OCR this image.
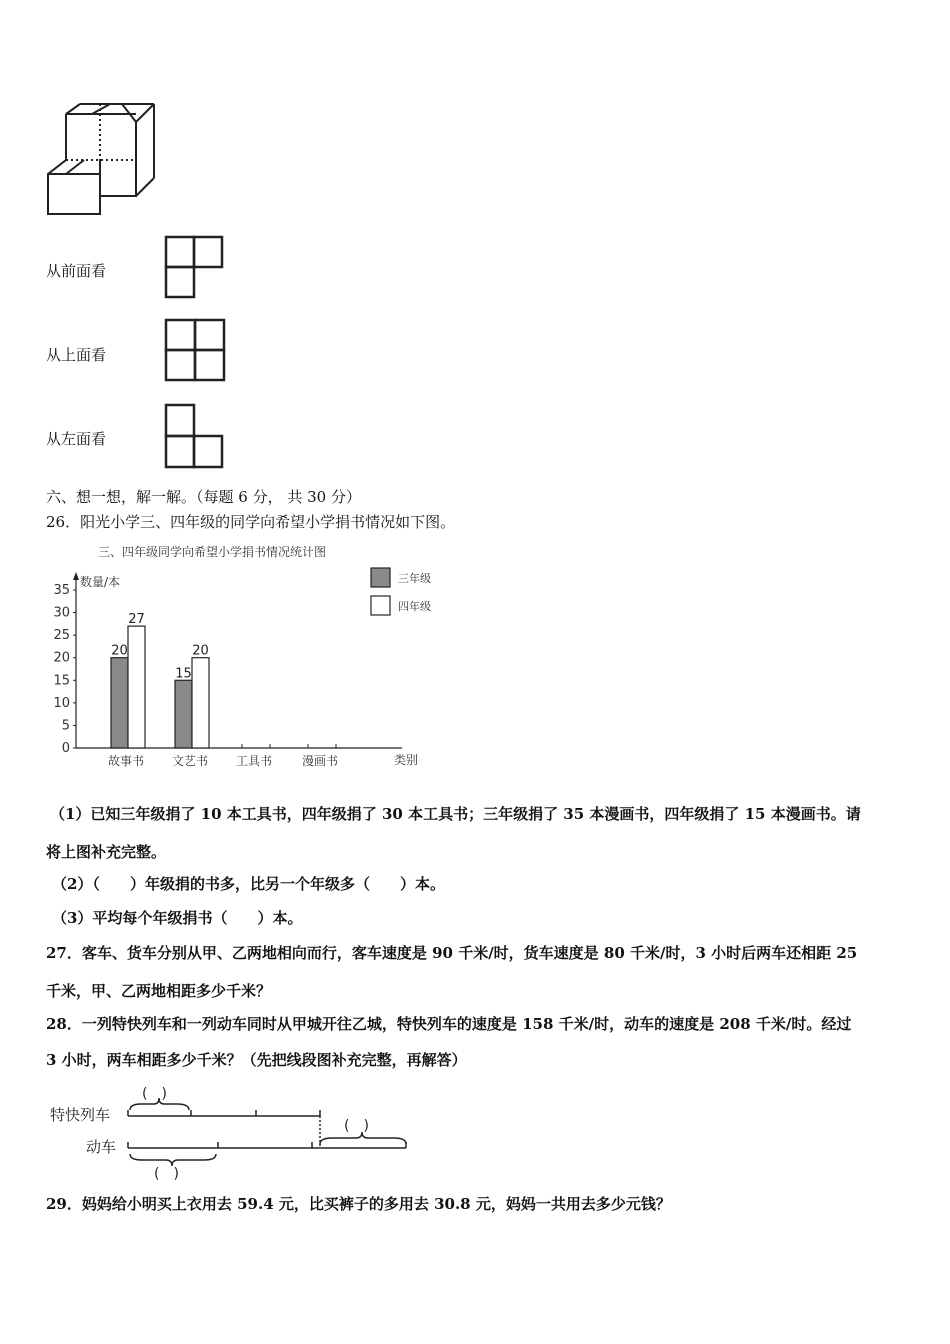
从前面看
从上面看
从左面看
六、想一想，解一解。（每题 6 分， 共 30 分）
26．阳光小学三、四年级的同学向希望小学捐书情况如下图。
三、四年级同学向希望小学捐书情况统计图
数量/本
类别
0
5
10
15
20
25
30
35
故事书 文艺书 工具书 漫画书
20
27
15
20
三年级
四年级
（1）已知三年级捐了 10 本工具书，四年级捐了 30 本工具书；三年级捐了 35 本漫画书，四年级捐了 15 本漫画书。请
将上图补充完整。
（2）（　　）年级捐的书多，比另一个年级多（　　）本。
（3）平均每个年级捐书（　　）本。
27．客车、货车分别从甲、乙两地相向而行，客车速度是 90 千米/时，货车速度是 80 千米/时，3 小时后两车还相距 25
千米，甲、乙两地相距多少千米？
28．一列特快列车和一列动车同时从甲城开往乙城，特快列车的速度是 158 千米/时，动车的速度是 208 千米/时。经过
3 小时，两车相距多少千米？（先把线段图补充完整，再解答）
特快列车
动车
(　)
(　)
(　)
29．妈妈给小明买上衣用去 59.4 元，比买裤子的多用去 30.8 元，妈妈一共用去多少元钱？
